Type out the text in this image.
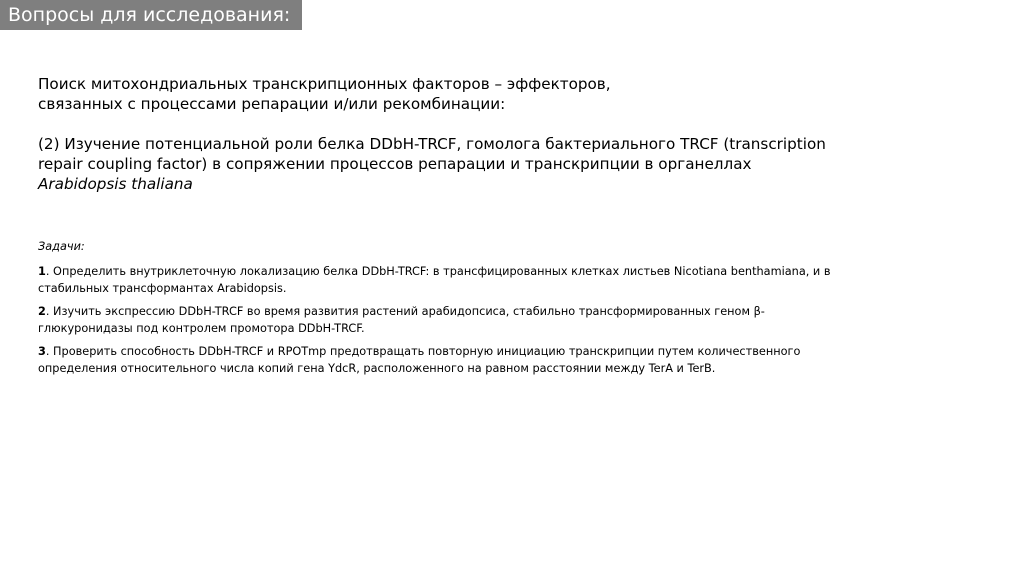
Вопросы для исследования:

Поиск митохондриальных транскрипционных факторов – эффекторов,

связанных с процессами репарации и/или рекомбинации:

(2) Изучение потенциальной роли белка DDbH-TRCF, гомолога бактериального TRCF (transcription repair coupling factor) в сопряжении процессов репарации и транскрипции в органеллах Arabidopsis thaliana

Задачи:

1. Определить внутриклеточную локализацию белка DDbH-TRCF: в трансфицированных клетках листьев Nicotiana benthamiana, и в стабильных трансформантах Arabidopsis.

2. Изучить экспрессию DDbH-TRCF во время развития растений арабидопсиса, стабильно трансформированных геном β-глюкуронидазы под контролем промотора DDbH-TRCF.

3. Проверить способность DDbH-TRCF и RPOTmp предотвращать повторную инициацию транскрипции путем количественного определения относительного числа копий гена YdcR, расположенного на равном расстоянии между TerA и TerB.
